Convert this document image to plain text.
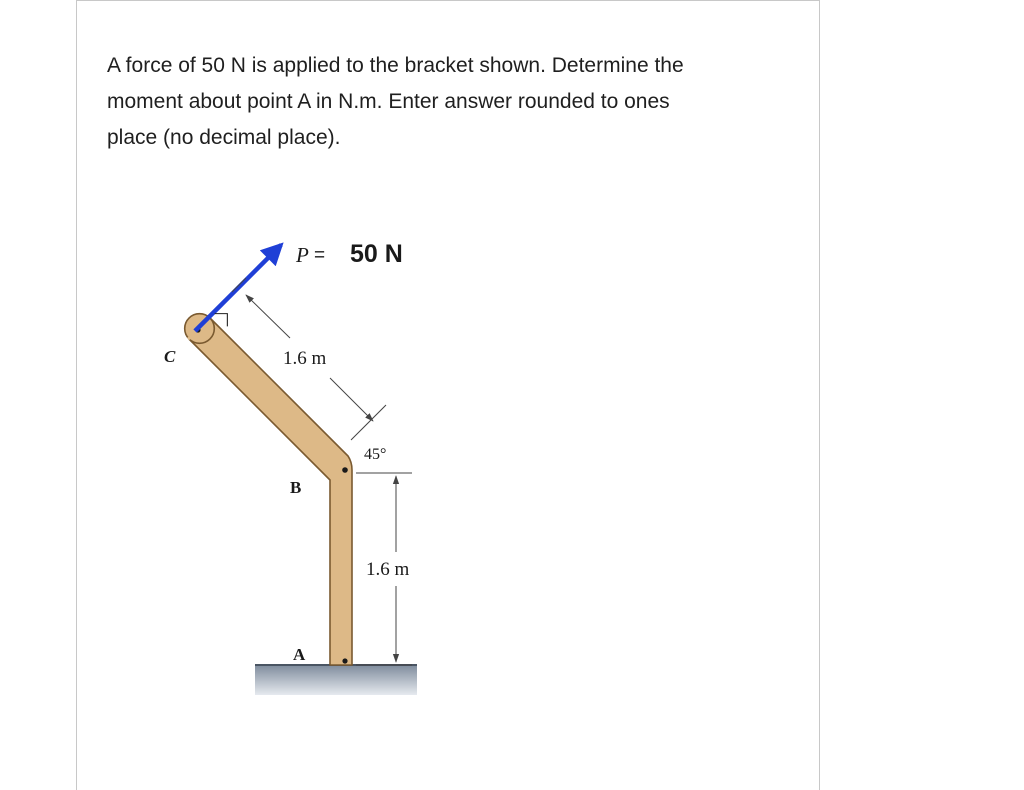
A force of 50 N is applied to the bracket shown. Determine the
moment about point A in N.m. Enter answer rounded to ones
place (no decimal place).

P = 50 N
C
B
A
1.6 m
1.6 m
45°
